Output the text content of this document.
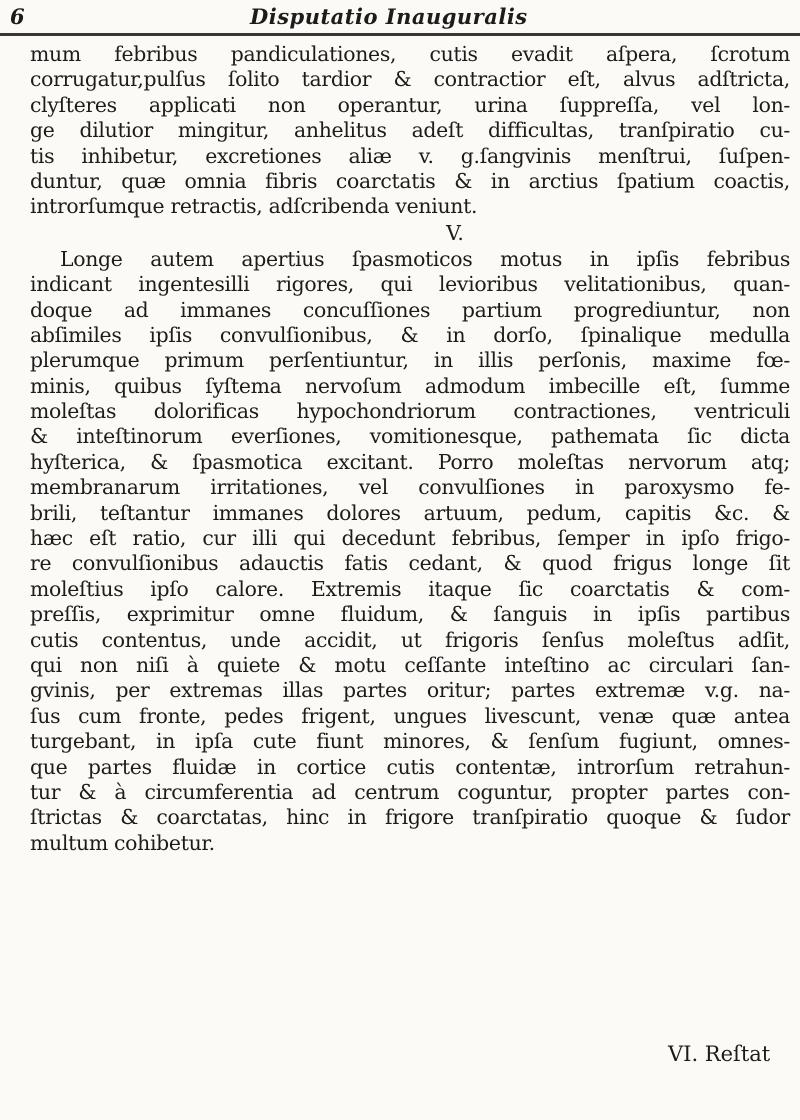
6	Disputatio Inauguralis
mum febribus pandiculationes, cutis evadit aſpera, ſcrotum
corrugatur,pulſus ſolito tardior & contractior eſt, alvus adſtricta,
clyſteres applicati non operantur, urina ſuppreſſa, vel lon-
ge dilutior mingitur, anhelitus adeſt difficultas, tranſpiratio cu-
tis inhibetur, excretiones aliæ v. g.ſangvinis menſtrui, ſuſpen-
duntur, quæ omnia fibris coarctatis & in arctius ſpatium coactis,
introrſumque retractis, adſcribenda veniunt.
V.
Longe autem apertius ſpasmoticos motus in ipſis febribus
indicant ingentesilli rigores, qui levioribus velitationibus, quan-
doque ad immanes concuſſiones partium progrediuntur, non
abſimiles ipſis convulſionibus, & in dorſo, ſpinalique medulla
plerumque primum perſentiuntur, in illis perſonis, maxime fœ-
minis, quibus ſyſtema nervoſum admodum imbecille eſt, ſumme
moleſtas dolorificas hypochondriorum contractiones, ventriculi
& inteſtinorum everſiones, vomitionesque, pathemata ſic dicta
hyſterica, & ſpasmotica excitant. Porro moleſtas nervorum atq;
membranarum irritationes, vel convulſiones in paroxysmo fe-
brili, teſtantur immanes dolores artuum, pedum, capitis &c. &
hæc eſt ratio, cur illi qui decedunt febribus, ſemper in ipſo frigo-
re convulſionibus adauctis fatis cedant, & quod frigus longe ſit
moleſtius ipſo calore. Extremis itaque ſic coarctatis & com-
preſſis, exprimitur omne fluidum, & ſanguis in ipſis partibus
cutis contentus, unde accidit, ut frigoris ſenſus moleſtus adſit,
qui non niſi à quiete & motu ceſſante inteſtino ac circulari ſan-
gvinis, per extremas illas partes oritur; partes extremæ v.g. na-
ſus cum fronte, pedes frigent, ungues livescunt, venæ quæ antea
turgebant, in ipſa cute fiunt minores, & ſenſum fugiunt, omnes-
que partes fluidæ in cortice cutis contentæ, introrſum retrahun-
tur & à circumferentia ad centrum coguntur, propter partes con-
ſtrictas & coarctatas, hinc in frigore tranſpiratio quoque & ſudor
multum cohibetur.
VI. Reſtat
